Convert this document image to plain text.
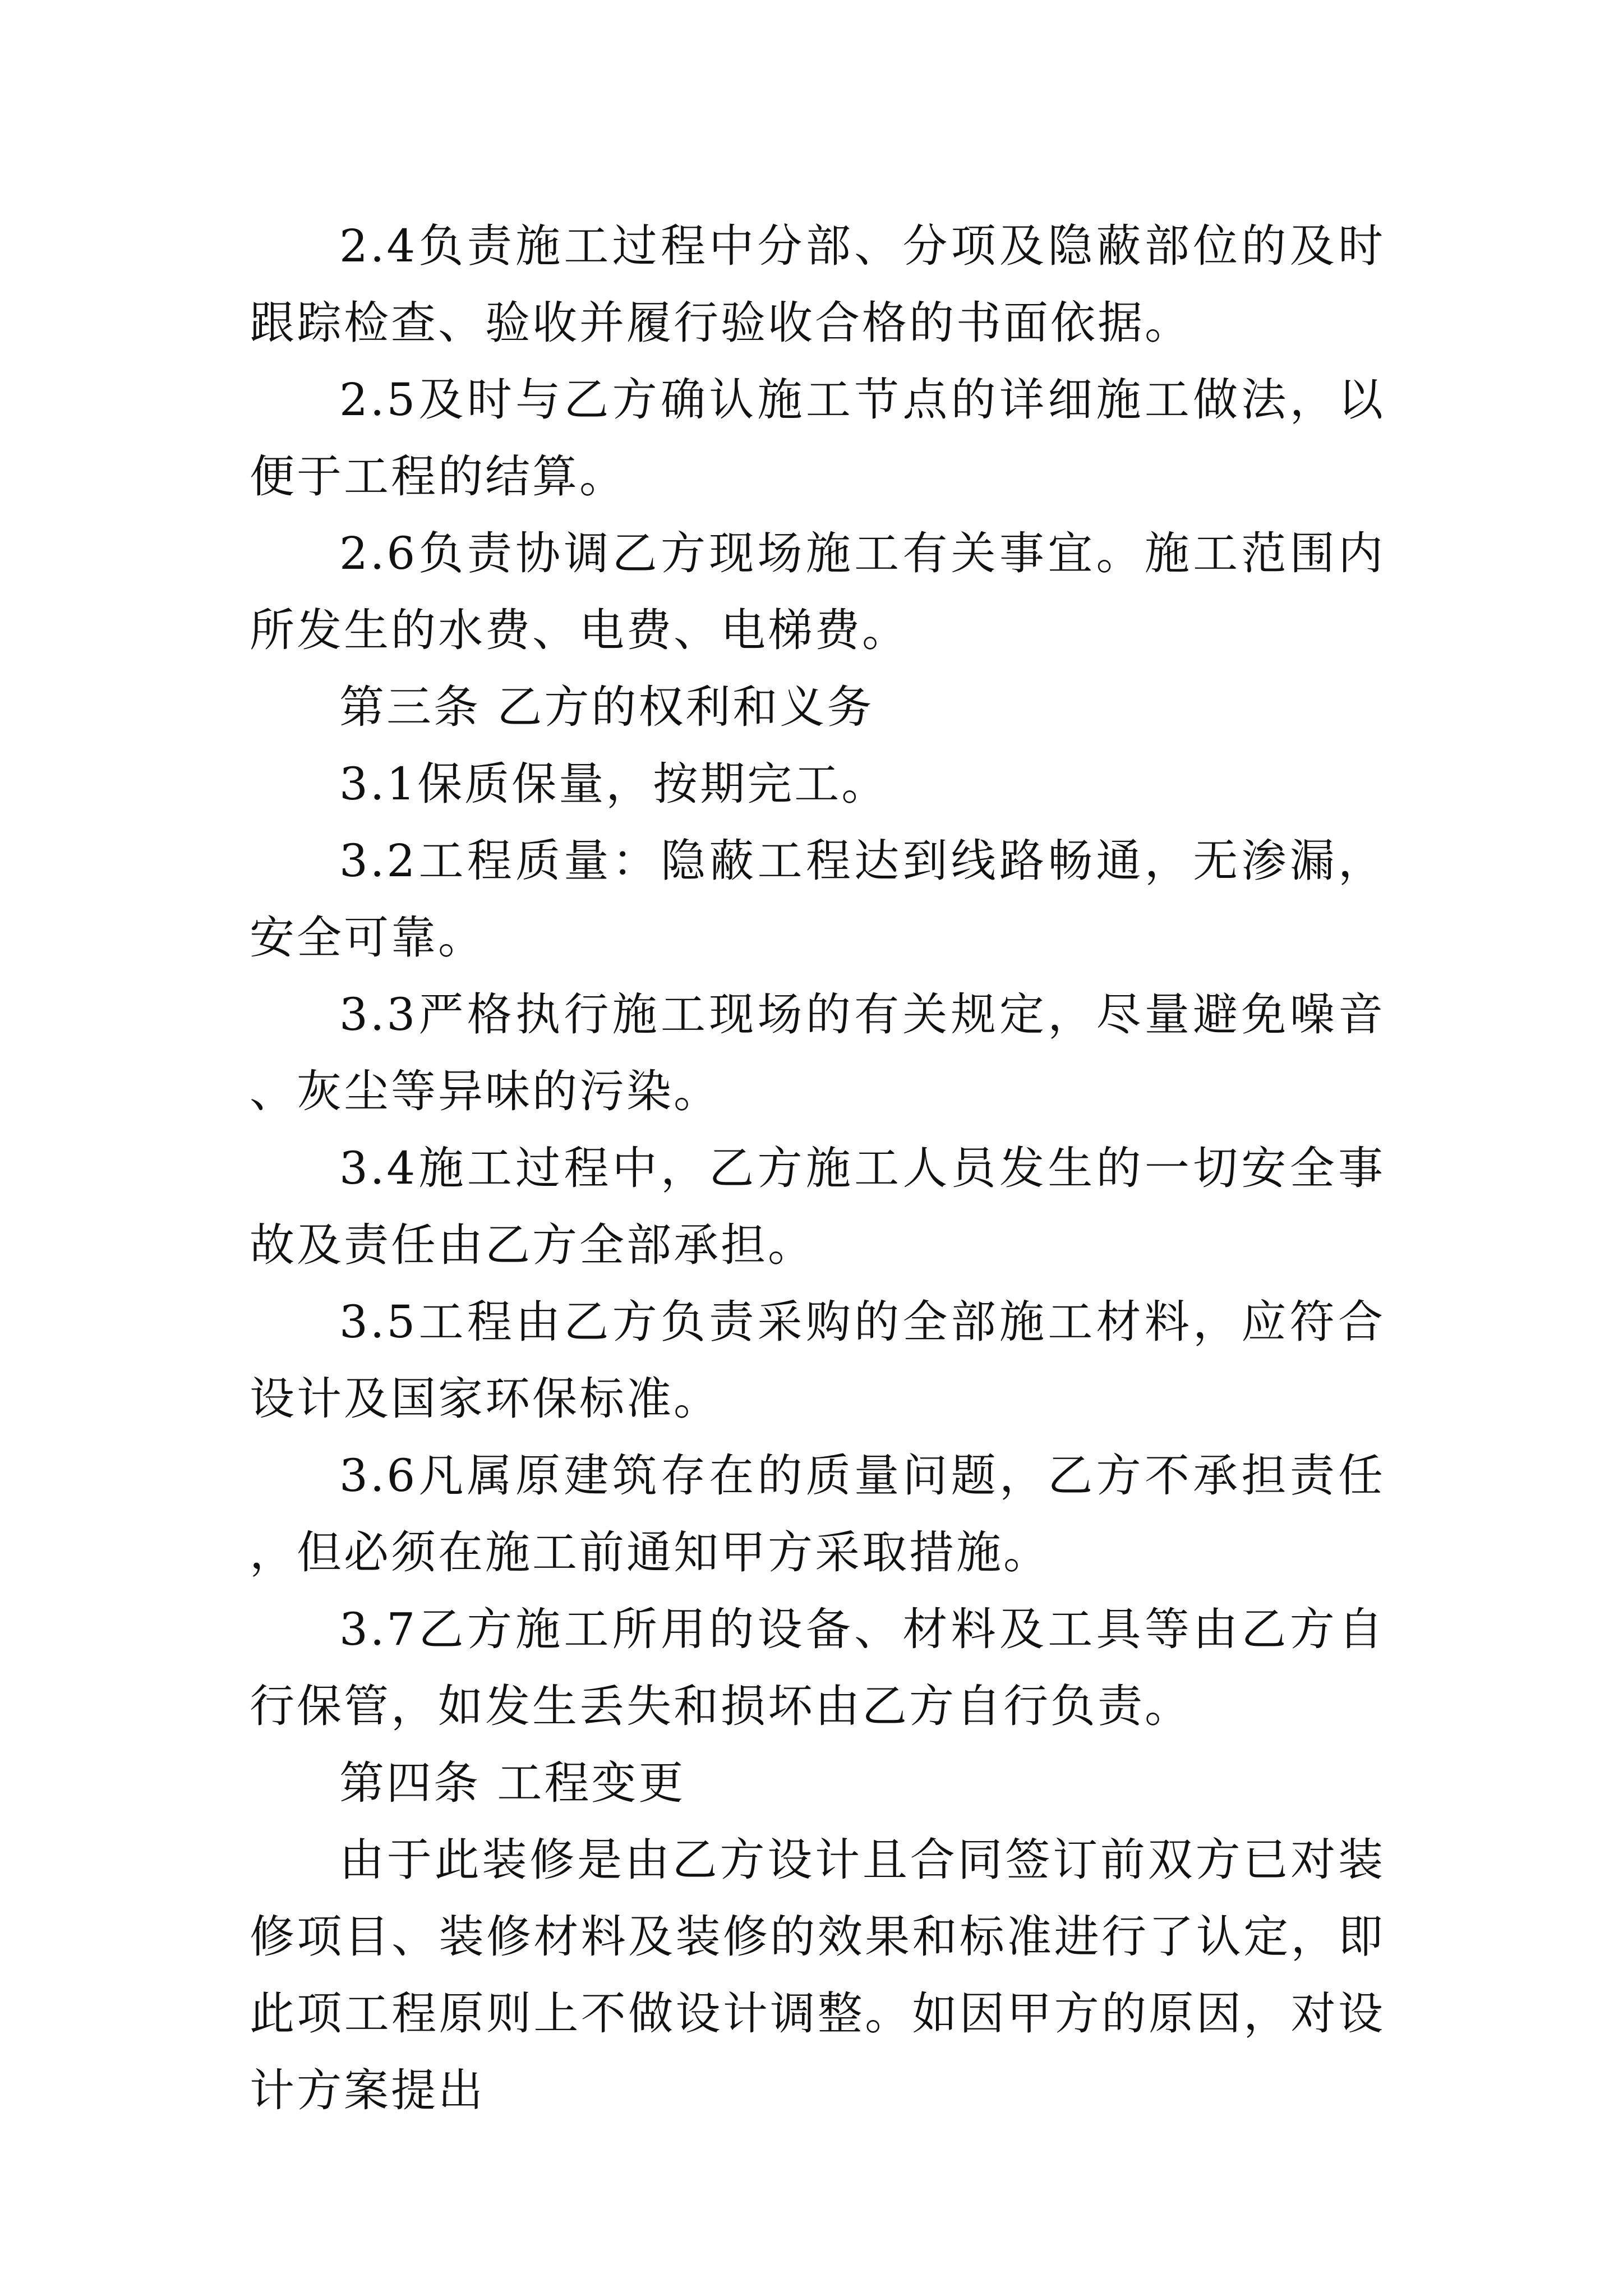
2.4负责施工过程中分部、分项及隐蔽部位的及时跟踪检查、验收并履行验收合格的书面依据。

2.5及时与乙方确认施工节点的详细施工做法，以便于工程的结算。

2.6负责协调乙方现场施工有关事宜。施工范围内所发生的水费、电费、电梯费。

第三条 乙方的权利和义务

3.1保质保量，按期完工。

3.2工程质量：隐蔽工程达到线路畅通，无渗漏，安全可靠。

3.3严格执行施工现场的有关规定，尽量避免噪音、灰尘等异味的污染。

3.4施工过程中，乙方施工人员发生的一切安全事故及责任由乙方全部承担。

3.5工程由乙方负责采购的全部施工材料，应符合设计及国家环保标准。

3.6凡属原建筑存在的质量问题，乙方不承担责任，但必须在施工前通知甲方采取措施。

3.7乙方施工所用的设备、材料及工具等由乙方自行保管，如发生丢失和损坏由乙方自行负责。

第四条 工程变更

由于此装修是由乙方设计且合同签订前双方已对装修项目、装修材料及装修的效果和标准进行了认定，即此项工程原则上不做设计调整。如因甲方的原因，对设计方案提出
